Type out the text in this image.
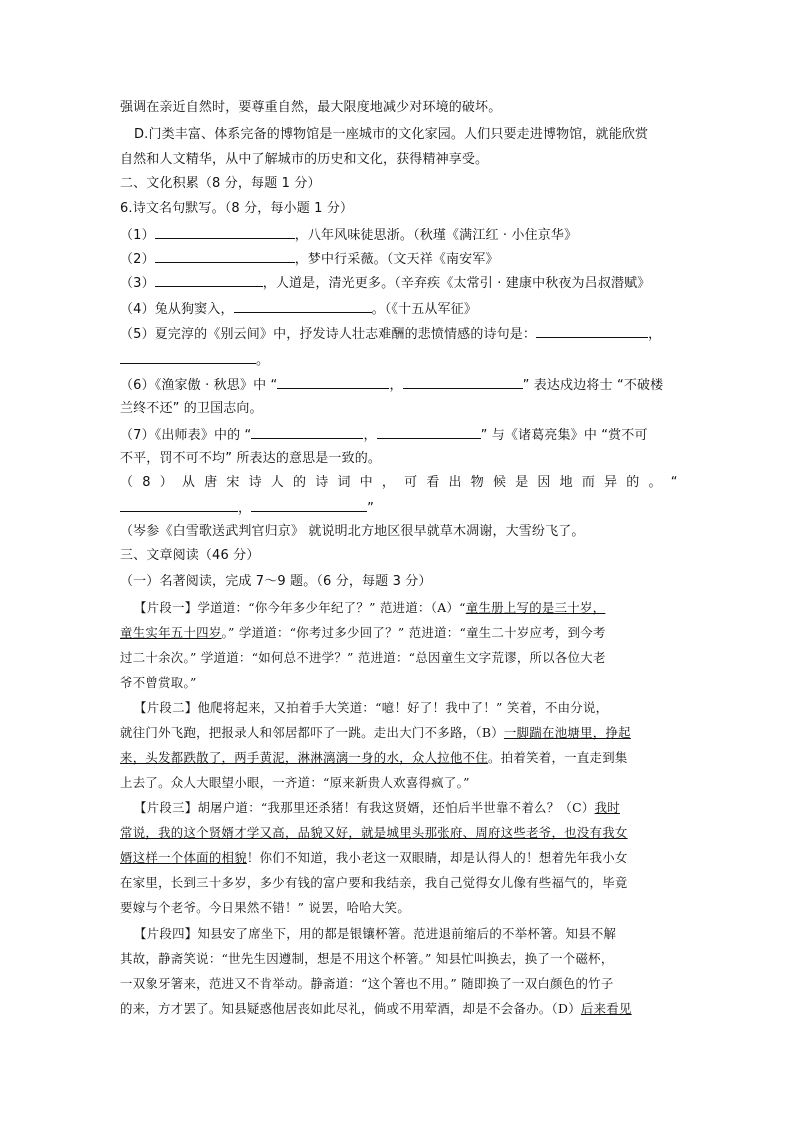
强调在亲近自然时，要尊重自然，最大限度地减少对环境的破坏。
D.门类丰富、体系完备的博物馆是一座城市的文化家园。人们只要走进博物馆，就能欣赏
自然和人文精华，从中了解城市的历史和文化，获得精神享受。
二、文化积累（8 分，每题 1 分）
6.诗文名句默写。（8 分，每小题 1 分）
（1）	，八年风味徒思浙。（秋瑾《满江红 · 小住京华》
（2）	，梦中行采薇。（文天祥《南安军》
（3）	，人道是，清光更多。（辛弃疾《太常引 · 建康中秋夜为吕叔潜赋》
（4）兔从狗窦入，	。（《十五从军征》
（5）夏完淳的《别云间》中，抒发诗人壮志难酬的悲愤情感的诗句是：	，
。
（6）《渔家傲 · 秋思》中 “	，	” 表达戍边将士 “不破楼
兰终不还” 的卫国志向。
（7）《出师表》中的 “	，	” 与《诸葛亮集》中 “赏不可
不平，罚不可不均” 所表达的意思是一致的。
（ 8 ） 从 唐 宋 诗 人 的 诗 词 中 ， 可 看 出 物 候 是 因 地 而 异 的 。 “
，	”
（岑参《白雪歌送武判官归京》 就说明北方地区很早就草木凋谢，大雪纷飞了。
三、文章阅读（46 分）
（一）名著阅读，完成 7～9 题。（6 分，每题 3 分）
【片段一】学道道：“你今年多少年纪了？” 范进道：（A）“童生册上写的是三十岁，
童生实年五十四岁。” 学道道：“你考过多少回了？” 范进道：“童生二十岁应考，到今考
过二十余次。” 学道道：“如何总不进学？” 范进道：“总因童生文字荒谬，所以各位大老
爷不曾赏取。”
【片段二】他爬将起来，又拍着手大笑道：“噫！好了！我中了！” 笑着，不由分说，
就往门外飞跑，把报录人和邻居都吓了一跳。走出大门不多路，（B）一脚踹在池塘里，挣起
来，头发都跌散了，两手黄泥，淋淋漓漓一身的水，众人拉他不住。拍着笑着，一直走到集
上去了。众人大眼望小眼，一齐道：“原来新贵人欢喜得疯了。”
【片段三】胡屠户道：“我那里还杀猪！有我这贤婿，还怕后半世靠不着么？（C）我时
常说，我的这个贤婿才学又高，品貌又好，就是城里头那张府、周府这些老爷，也没有我女
婿这样一个体面的相貌！你们不知道，我小老这一双眼睛，却是认得人的！想着先年我小女
在家里，长到三十多岁，多少有钱的富户要和我结亲，我自己觉得女儿像有些福气的，毕竟
要嫁与个老爷。今日果然不错！” 说罢，哈哈大笑。
【片段四】知县安了席坐下，用的都是银镶杯箸。范进退前缩后的不举杯箸。知县不解
其故，静斋笑说：“世先生因遵制，想是不用这个杯箸。” 知县忙叫换去，换了一个磁杯，
一双象牙箸来，范进又不肯举动。静斋道：“这个箸也不用。” 随即换了一双白颜色的竹子
的来，方才罢了。知县疑惑他居丧如此尽礼，倘或不用荤酒，却是不会备办。（D）后来看见
